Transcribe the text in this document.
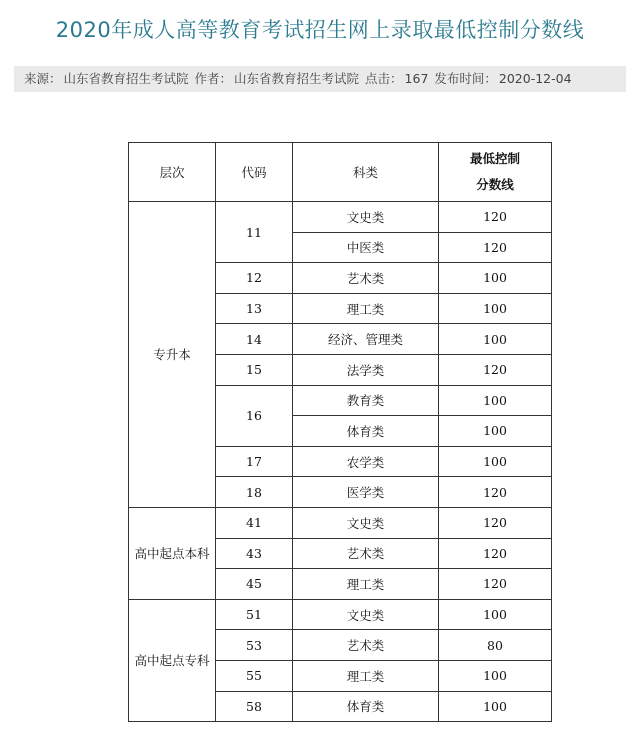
2020年成人高等教育考试招生网上录取最低控制分数线
来源： 山东省教育招生考试院 作者： 山东省教育招生考试院 点击： 167 发布时间： 2020-12-04
层次	代码	科类	最低控制
分数线
专升本	11	文史类	120
		中医类	120
	12	艺术类	100
	13	理工类	100
	14	经济、管理类	100
	15	法学类	120
	16	教育类	100
		体育类	100
	17	农学类	100
	18	医学类	120
高中起点本科	41	文史类	120
	43	艺术类	120
	45	理工类	120
高中起点专科	51	文史类	100
	53	艺术类	80
	55	理工类	100
	58	体育类	100
